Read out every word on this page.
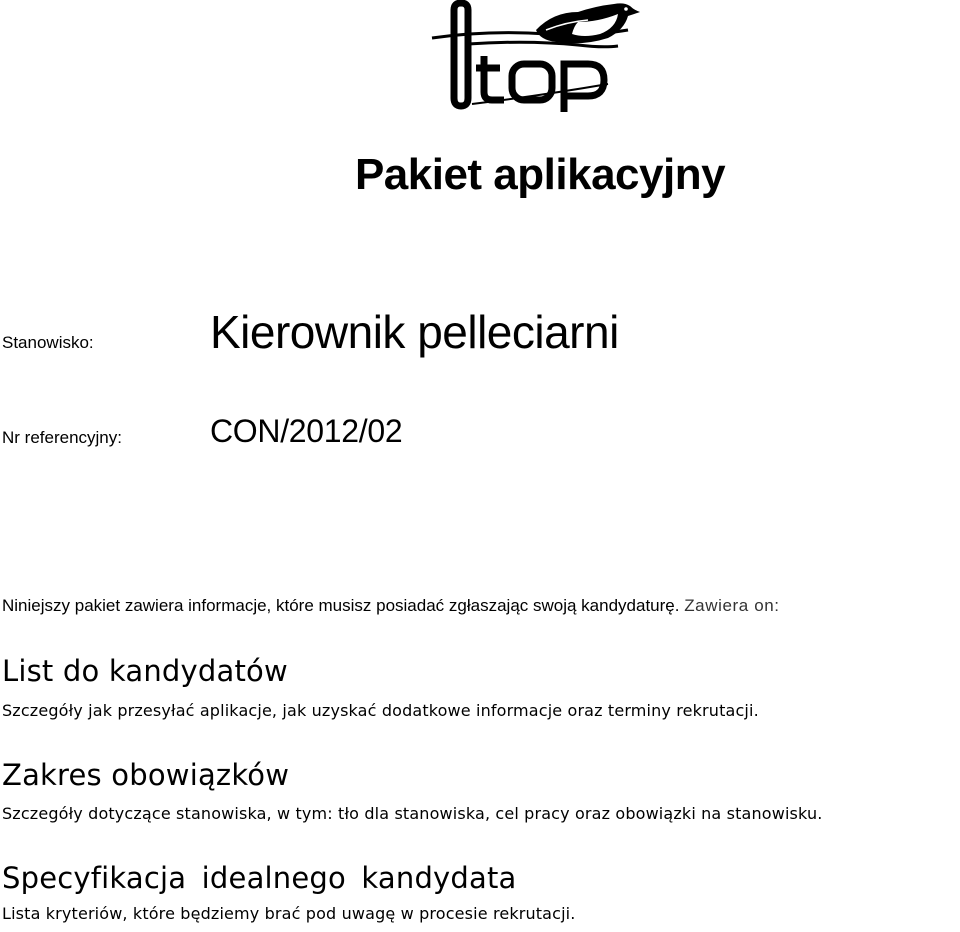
Pakiet aplikacyjny
Stanowisko:	Kierownik pelleciarni
Nr referencyjny:	CON/2012/02
Niniejszy pakiet zawiera informacje, które musisz posiadać zgłaszając swoją kandydaturę. Zawiera on:
List do kandydatów
Szczegóły jak przesyłać aplikacje, jak uzyskać dodatkowe informacje oraz terminy rekrutacji.
Zakres obowiązków
Szczegóły dotyczące stanowiska, w tym: tło dla stanowiska, cel pracy oraz obowiązki na stanowisku.
Specyfikacja idealnego kandydata
Lista kryteriów, które będziemy brać pod uwagę w procesie rekrutacji.
